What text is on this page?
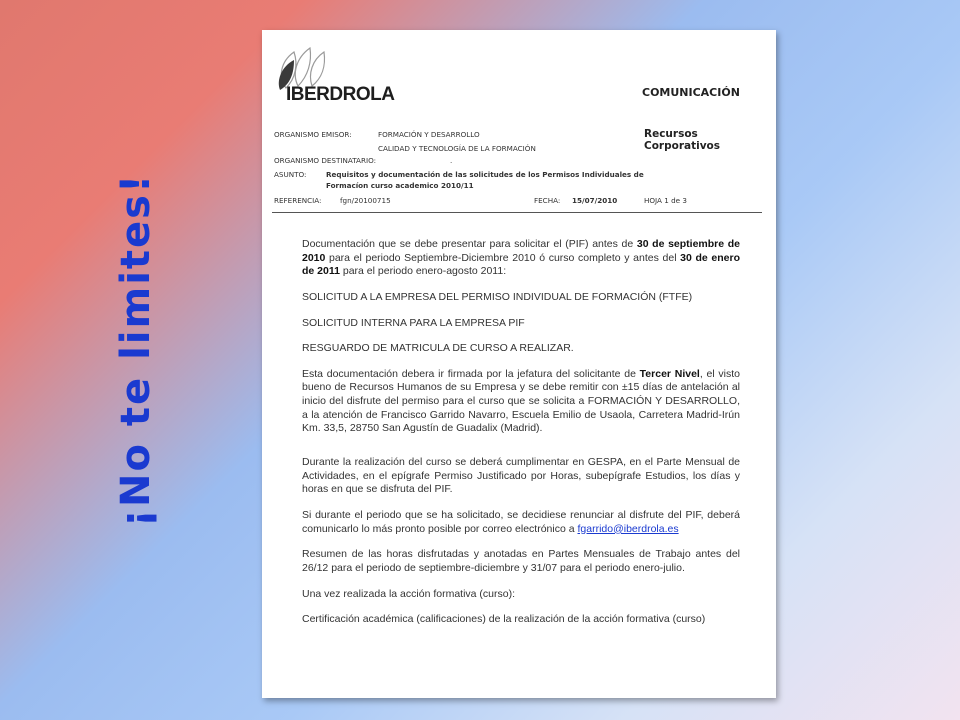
¡No te limites!
IBERDROLA	COMUNICACIÓN
Recursos Corporativos
ORGANISMO EMISOR:	FORMACIÓN Y DESARROLLO
CALIDAD Y TECNOLOGÍA DE LA FORMACIÓN
ORGANISMO DESTINATARIO:	.
ASUNTO:	Requisitos y documentación de las solicitudes de los Permisos Individuales de
Formacíon curso academico 2010/11
REFERENCIA:	fgn/20100715	FECHA: 15/07/2010	HOJA 1 de 3

Documentación que se debe presentar para solicitar el (PIF) antes de 30 de septiembre de 2010 para el periodo Septiembre-Diciembre 2010 ó curso completo y antes del 30 de enero de 2011 para el periodo enero-agosto 2011:

SOLICITUD A LA EMPRESA DEL PERMISO INDIVIDUAL DE FORMACIÓN (FTFE)

SOLICITUD INTERNA PARA LA EMPRESA PIF

RESGUARDO DE MATRICULA DE CURSO A REALIZAR.

Esta documentación debera ir firmada por la jefatura del solicitante de Tercer Nivel, el visto bueno de Recursos Humanos de su Empresa y se debe remitir con ±15 días de antelación al inicio del disfrute del permiso para el curso que se solicita a FORMACIÓN Y DESARROLLO, a la atención de Francisco Garrido Navarro, Escuela Emilio de Usaola, Carretera Madrid-Irún Km. 33,5, 28750 San Agustín de Guadalix (Madrid).

Durante la realización del curso se deberá cumplimentar en GESPA, en el Parte Mensual de Actividades, en el epígrafe Permiso Justificado por Horas, subepígrafe Estudios, los días y horas en que se disfruta del PIF.

Si durante el periodo que se ha solicitado, se decidiese renunciar al disfrute del PIF, deberá comunicarlo lo más pronto posible por correo electrónico a fgarrido@iberdrola.es

Resumen de las horas disfrutadas y anotadas en Partes Mensuales de Trabajo antes del 26/12 para el periodo de septiembre-diciembre y 31/07 para el periodo enero-julio.

Una vez realizada la acción formativa (curso):

Certificación académica (calificaciones) de la realización de la acción formativa (curso)
